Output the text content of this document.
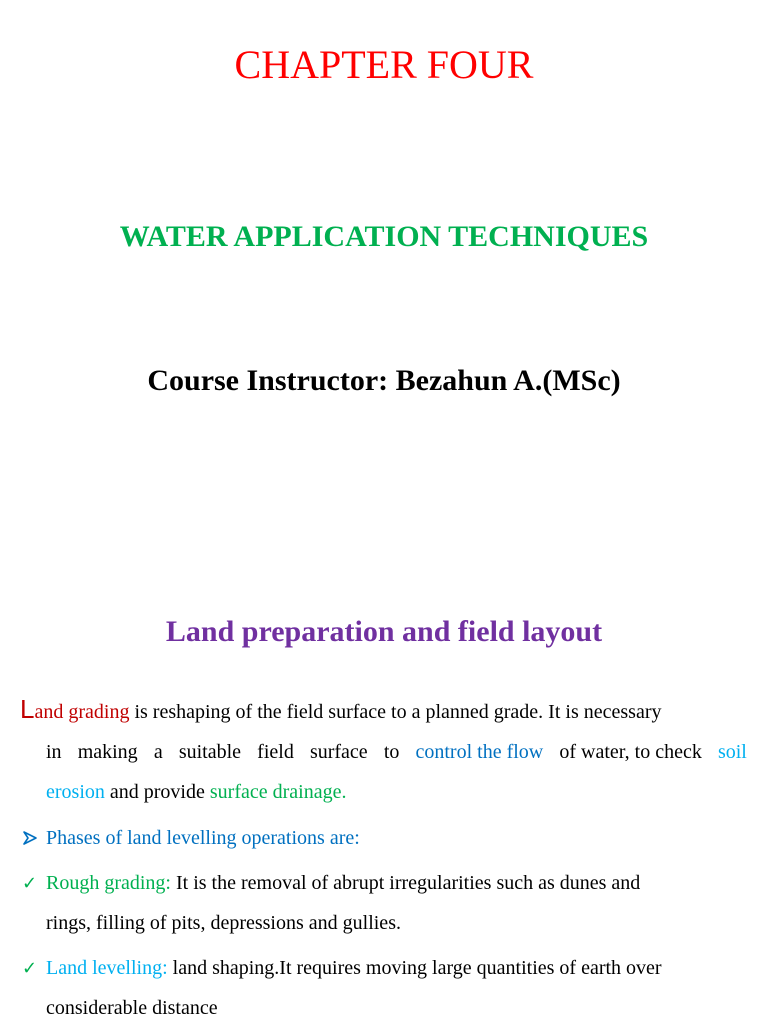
CHAPTER FOUR
WATER APPLICATION TECHNIQUES
Course Instructor: Bezahun A.(MSc)
Land preparation and field layout
Land grading is reshaping of the field surface to a planned grade. It is necessary
in making a suitable field surface to control the flow of water, to check soil
erosion and provide surface drainage.
Phases of land levelling operations are:
✓ Rough grading: It is the removal of abrupt irregularities such as dunes and
rings, filling of pits, depressions and gullies.
✓ Land levelling: land shaping.It requires moving large quantities of earth over
considerable distance
